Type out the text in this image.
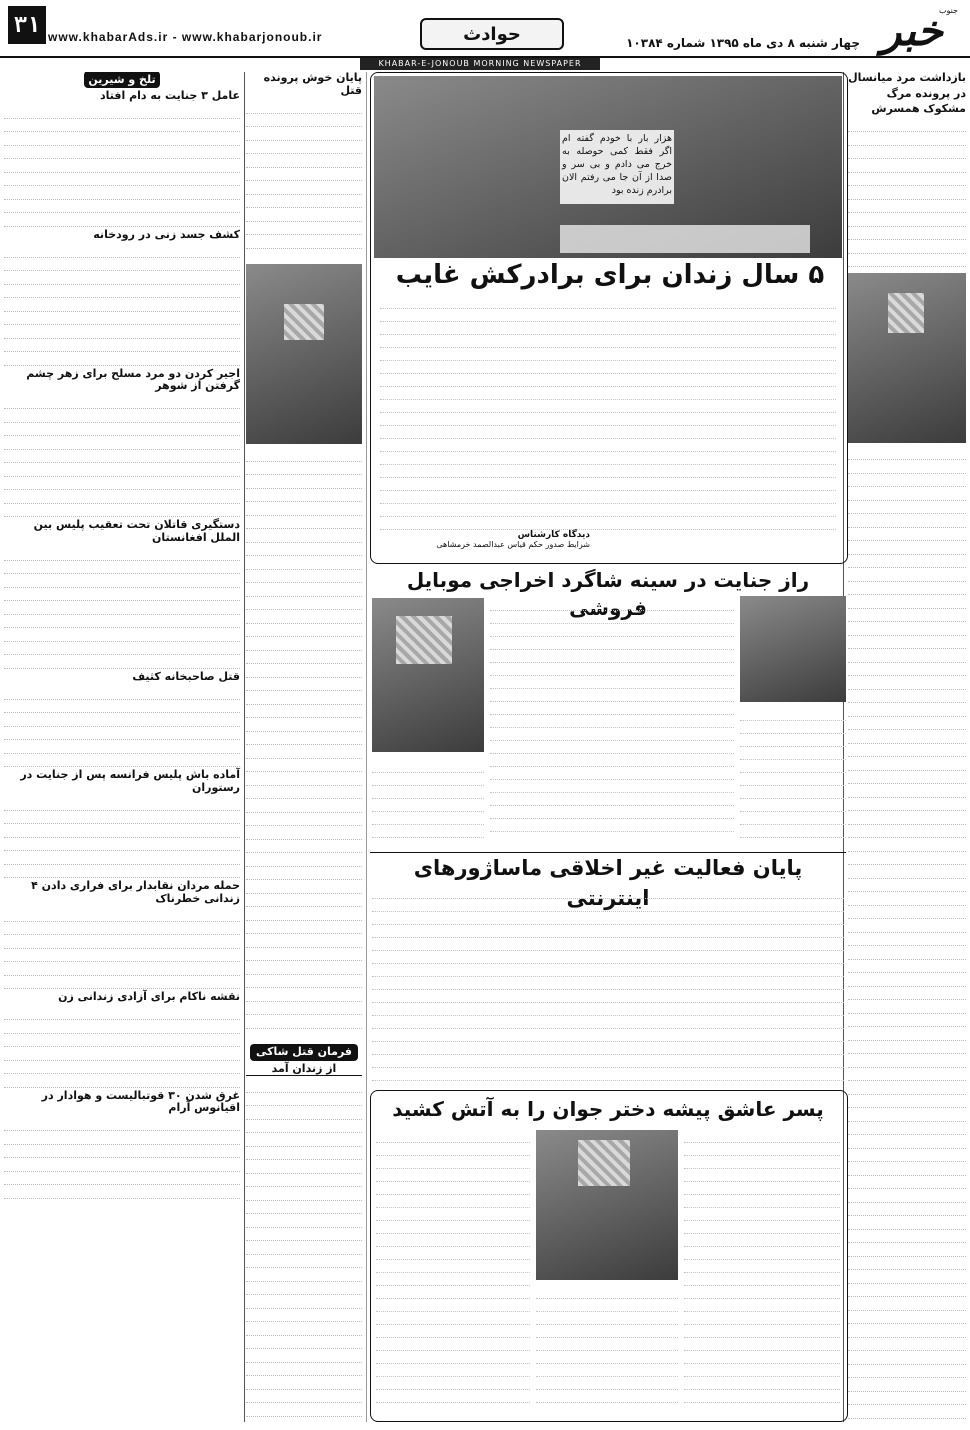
۳۱ www.khabarAds.ir - www.khabarjonoub.ir	حوادث	چهار شنبه ۸ دی ماه ۱۳۹۵ شماره ۱۰۳۸۴ خبر
جنوب
KHABAR-E-JONOUB MORNING NEWSPAPER
بازداشت مرد میانسال
در پرونده مرگ
مشکوک همسرش
تلخ و شیرین
عامل ۳ جنایت به دام افتاد
کشف جسد زنی در رودخانه
اجیر کردن دو مرد مسلح برای زهر چشم گرفتن از شوهر
دستگیری قاتلان تحت تعقیب پلیس بین الملل افغانستان
قتل صاحبخانه کثیف
آماده باش پلیس فرانسه پس از جنایت در رستوران
حمله مردان نقابدار برای فراری دادن ۴ زندانی خطرناک
نقشه ناکام برای آزادی زندانی زن
غرق شدن ۳۰ قوتبالیست و هوادار در اقیانوس آرام
پایان خوش پرونده قتل
فرمان قتل شاکی
از زندان آمد
هزار بار با خودم گفته ام اگر فقط کمی حوصله به خرج می دادم و بی سر و صدا از آن جا می رفتم الان برادرم زنده بود
۵ سال زندان برای برادرکش غایب
دیدگاه کارشناس
شرایط صدور حکم قیاس عبدالصمد خرمشاهی
راز جنایت در سینه شاگرد اخراجی موبایل فروشی
پایان فعالیت غیر اخلاقی ماساژورهای اینترنتی
پسر عاشق پیشه دختر جوان را به آتش کشید
